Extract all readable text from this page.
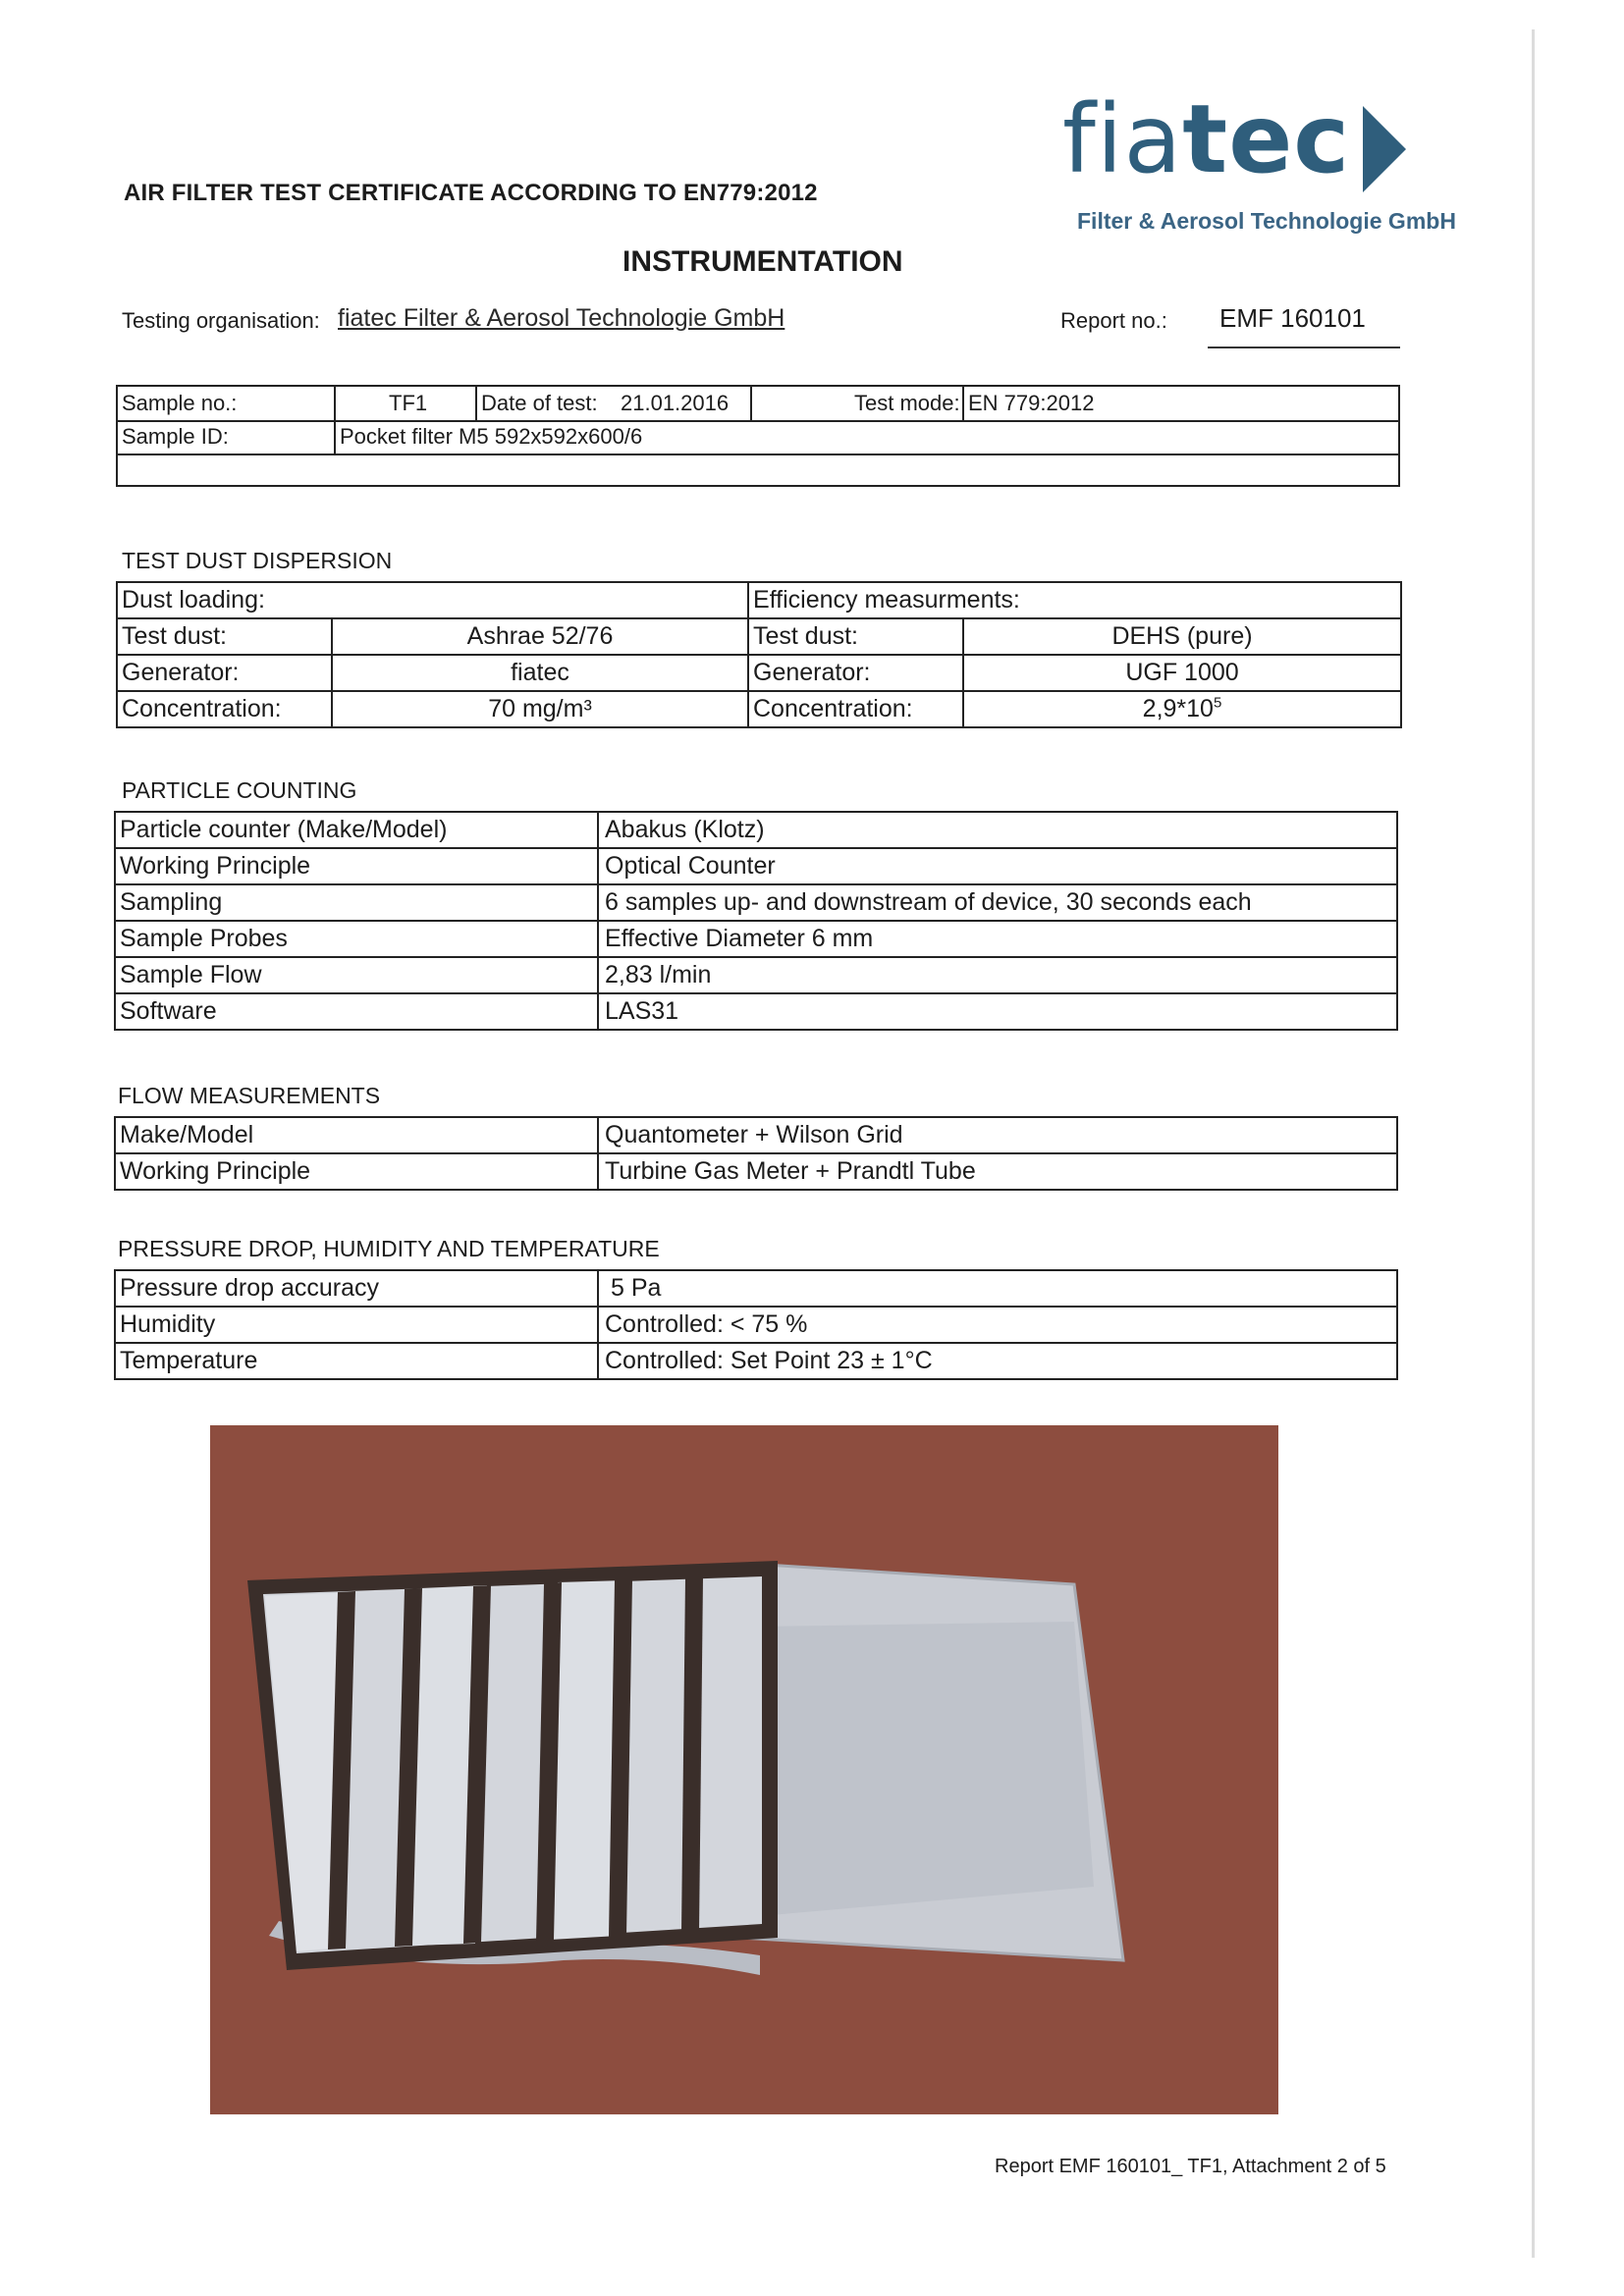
fiatec
Filter & Aerosol Technologie GmbH
AIR FILTER TEST CERTIFICATE ACCORDING TO EN779:2012
INSTRUMENTATION
Testing organisation: fiatec Filter & Aerosol Technologie GmbH	Report no.: EMF 160101
Sample no.:	TF1 Date of test: 21.01.2016	Test mode: EN 779:2012
Sample ID:	Pocket filter M5 592x592x600/6
TEST DUST DISPERSION
Dust loading:		Efficiency measurments:	
Test dust:	Ashrae 52/76	Test dust:	DEHS (pure)
Generator:	fiatec	Generator:	UGF 1000
Concentration:	70 mg/m³	Concentration:	$2,9*10^5$
PARTICLE COUNTING
Particle counter (Make/Model)	Abakus (Klotz)
Working Principle	Optical Counter
Sampling	6 samples up- and downstream of device, 30 seconds each
Sample Probes	Effective Diameter 6 mm
Sample Flow	2,83 l/min
Software	LAS31
FLOW MEASUREMENTS
Make/Model	Quantometer + Wilson Grid
Working Principle	Turbine Gas Meter + Prandtl Tube
PRESSURE DROP, HUMIDITY AND TEMPERATURE
Pressure drop accuracy	5 Pa
Humidity	Controlled: < 75 %
Temperature	Controlled: Set Point 23 ± 1°C
Report EMF 160101_ TF1, Attachment 2 of 5
